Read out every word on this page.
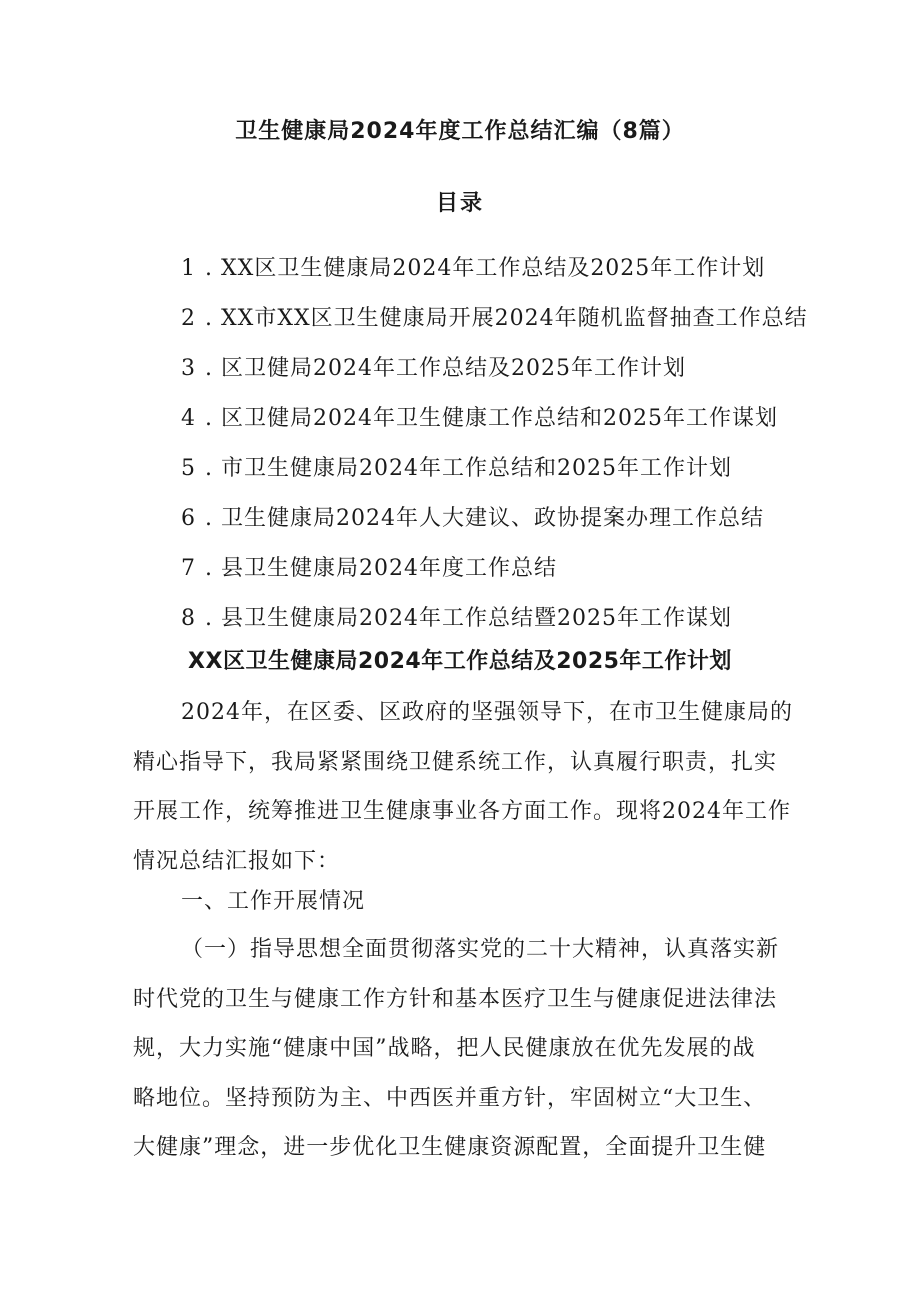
卫生健康局2024年度工作总结汇编（8篇）
目录
1 . XX区卫生健康局2024年工作总结及2025年工作计划
2 . XX市XX区卫生健康局开展2024年随机监督抽查工作总结
3 . 区卫健局2024年工作总结及2025年工作计划
4 . 区卫健局2024年卫生健康工作总结和2025年工作谋划
5 . 市卫生健康局2024年工作总结和2025年工作计划
6 . 卫生健康局2024年人大建议、政协提案办理工作总结
7 . 县卫生健康局2024年度工作总结
8 . 县卫生健康局2024年工作总结暨2025年工作谋划
XX区卫生健康局2024年工作总结及2025年工作计划
2024年，在区委、区政府的坚强领导下，在市卫生健康局的
精心指导下，我局紧紧围绕卫健系统工作，认真履行职责，扎实
开展工作，统筹推进卫生健康事业各方面工作。现将2024年工作
情况总结汇报如下：
一、工作开展情况
（一）指导思想全面贯彻落实党的二十大精神，认真落实新
时代党的卫生与健康工作方针和基本医疗卫生与健康促进法律法
规，大力实施“健康中国”战略，把人民健康放在优先发展的战
略地位。坚持预防为主、中西医并重方针，牢固树立“大卫生、
大健康”理念，进一步优化卫生健康资源配置，全面提升卫生健
